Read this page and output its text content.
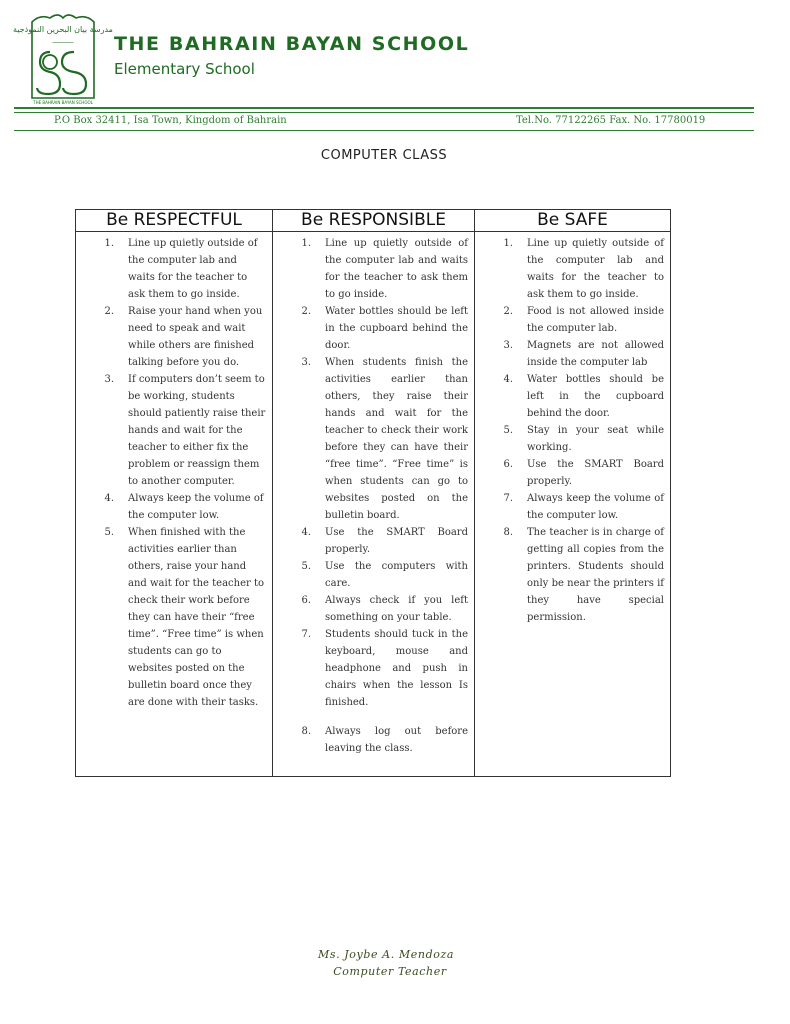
مدرسة بيان البحرين النموذجية
―――
THE BAHRAIN BAYAN SCHOOL
THE BAHRAIN BAYAN SCHOOL
Elementary School
P.O Box 32411, Isa Town, Kingdom of Bahrain	Tel.No. 77122265 Fax. No. 17780019
COMPUTER CLASS
Be RESPECTFUL
1.	Line up quietly outside of the computer lab and waits for the teacher to ask them to go inside.
2.	Raise your hand when you need to speak and wait while others are finished talking before you do.
3.	If computers don’t seem to be working, students should patiently raise their hands and wait for the teacher to either fix the problem or reassign them to another computer.
4.	Always keep the volume of the computer low.
5.	When finished with the activities earlier than others, raise your hand and wait for the teacher to check their work before they can have their “free time”. “Free time” is when students can go to websites posted on the bulletin board once they are done with their tasks.
Be RESPONSIBLE
1.	Line up quietly outside of the computer lab and waits for the teacher to ask them to go inside.
2.	Water bottles should be left in the cupboard behind the door.
3.	When students finish the activities earlier than others, they raise their hands and wait for the teacher to check their work before they can have their “free time”. “Free time” is when students can go to websites posted on the bulletin board.
4.	Use the SMART Board properly.
5.	Use the computers with care.
6.	Always check if you left something on your table.
7.	Students should tuck in the keyboard, mouse and headphone and push in chairs when the lesson Is finished.
8.	Always log out before leaving the class.
Be SAFE
1.	Line up quietly outside of the computer lab and waits for the teacher to ask them to go inside.
2.	Food is not allowed inside the computer lab.
3.	Magnets are not allowed inside the computer lab
4.	Water bottles should be left in the cupboard behind the door.
5.	Stay in your seat while working.
6.	Use the SMART Board properly.
7.	Always keep the volume of the computer low.
8.	The teacher is in charge of getting all copies from the printers. Students should only be near the printers if they have special permission.
Ms. Joybe A. Mendoza
Computer Teacher
